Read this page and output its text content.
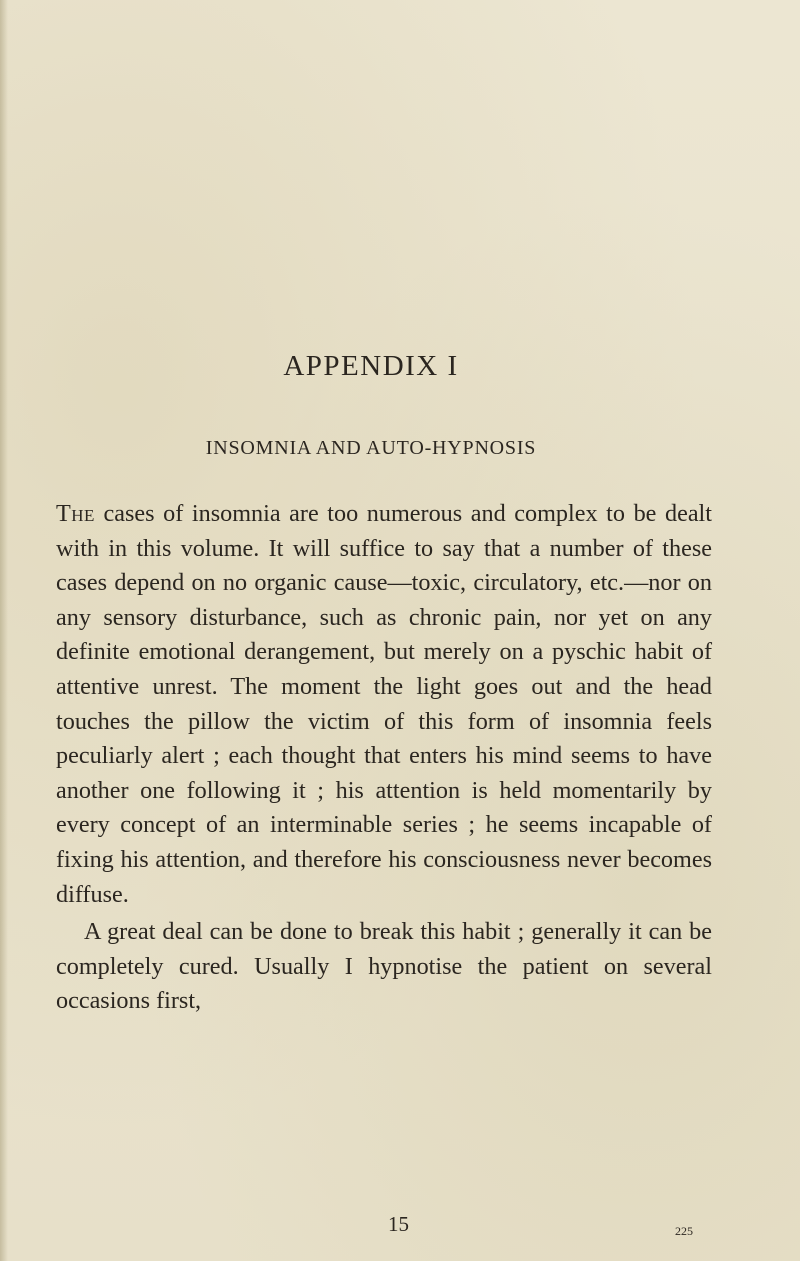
APPENDIX I
INSOMNIA AND AUTO-HYPNOSIS

The cases of insomnia are too numerous and complex to be dealt with in this volume. It will suffice to say that a number of these cases depend on no organic cause—toxic, circulatory, etc.—nor on any sensory disturbance, such as chronic pain, nor yet on any definite emotional derangement, but merely on a pyschic habit of attentive unrest. The moment the light goes out and the head touches the pillow the victim of this form of insomnia feels peculiarly alert ; each thought that enters his mind seems to have another one following it ; his attention is held momentarily by every concept of an interminable series ; he seems incapable of fixing his attention, and therefore his consciousness never becomes diffuse.

A great deal can be done to break this habit ; generally it can be completely cured. Usually I hypnotise the patient on several occasions first,

15	225
